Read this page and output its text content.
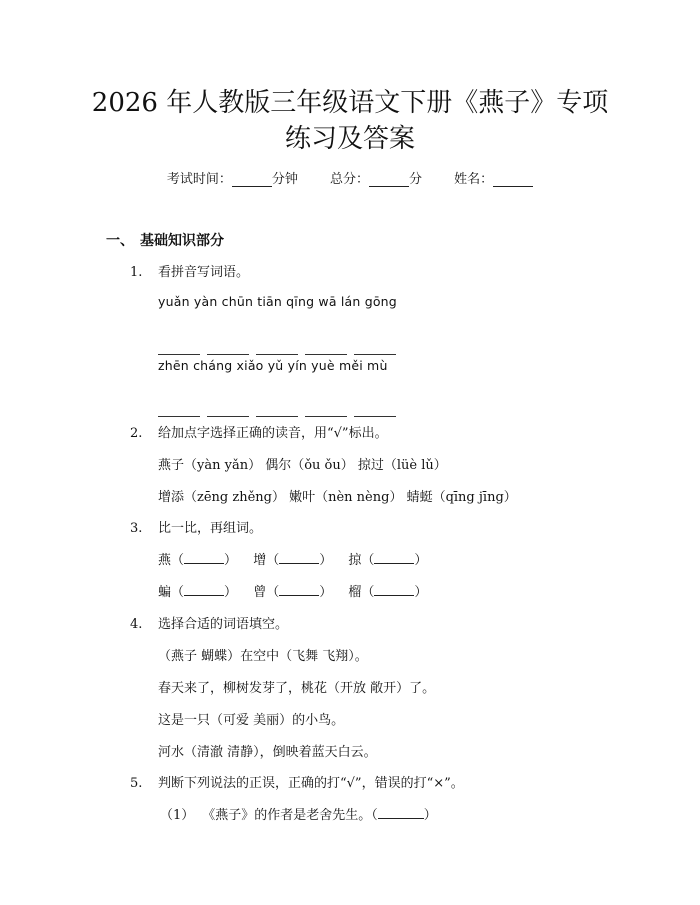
2026 年人教版三年级语文下册《燕子》专项
练习及答案
考试时间：	分钟 总分：	分 姓名：
一、 基础知识部分
1. 看拼音写词语。
yuǎn yàn chūn tiān qīng wā lán gōng
zhēn cháng xiǎo yǔ yín yuè měi mù
2. 给加点字选择正确的读音，用“√”标出。
燕子（yàn yǎn） 偶尔（ǒu ǒu） 掠过（lüè lǔ）
增添（zēng zhěng） 嫩叶（nèn nèng） 蜻蜓（qīng jīng）
3. 比一比，再组词。
燕（	） 增（	） 掠（	）
蝙（	） 曾（	） 榴（	）
4. 选择合适的词语填空。
（燕子 蝴蝶）在空中（飞舞 飞翔）。
春天来了，柳树发芽了，桃花（开放 敞开）了。
这是一只（可爱 美丽）的小鸟。
河水（清澈 清静），倒映着蓝天白云。
5. 判断下列说法的正误，正确的打“√”，错误的打“×”。
（1） 《燕子》的作者是老舍先生。（	）
